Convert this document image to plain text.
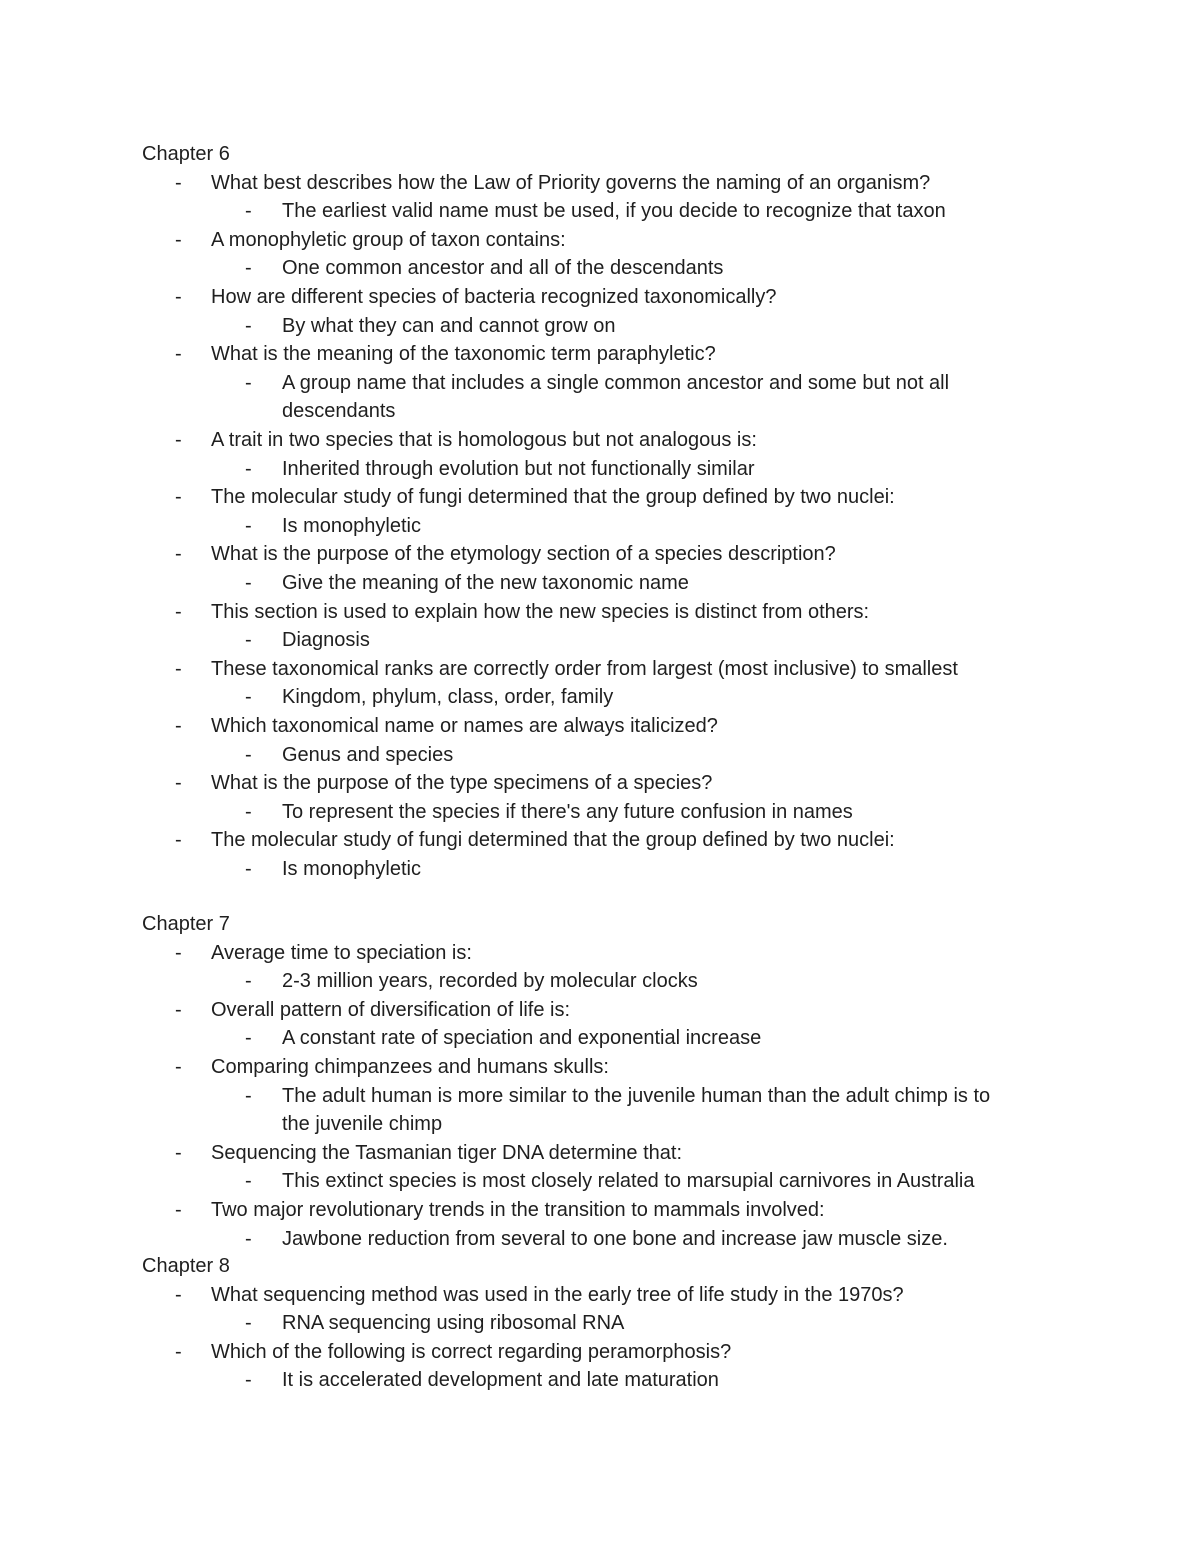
Chapter 6
- What best describes how the Law of Priority governs the naming of an organism?
- The earliest valid name must be used, if you decide to recognize that taxon
- A monophyletic group of taxon contains:
- One common ancestor and all of the descendants
- How are different species of bacteria recognized taxonomically?
- By what they can and cannot grow on
- What is the meaning of the taxonomic term paraphyletic?
- A group name that includes a single common ancestor and some but not all
descendants
- A trait in two species that is homologous but not analogous is:
- Inherited through evolution but not functionally similar
- The molecular study of fungi determined that the group defined by two nuclei:
- Is monophyletic
- What is the purpose of the etymology section of a species description?
- Give the meaning of the new taxonomic name
- This section is used to explain how the new species is distinct from others:
- Diagnosis
- These taxonomical ranks are correctly order from largest (most inclusive) to smallest
- Kingdom, phylum, class, order, family
- Which taxonomical name or names are always italicized?
- Genus and species
- What is the purpose of the type specimens of a species?
- To represent the species if there's any future confusion in names
- The molecular study of fungi determined that the group defined by two nuclei:
- Is monophyletic
Chapter 7
- Average time to speciation is:
- 2-3 million years, recorded by molecular clocks
- Overall pattern of diversification of life is:
- A constant rate of speciation and exponential increase
- Comparing chimpanzees and humans skulls:
- The adult human is more similar to the juvenile human than the adult chimp is to
the juvenile chimp
- Sequencing the Tasmanian tiger DNA determine that:
- This extinct species is most closely related to marsupial carnivores in Australia
- Two major revolutionary trends in the transition to mammals involved:
- Jawbone reduction from several to one bone and increase jaw muscle size.
Chapter 8
- What sequencing method was used in the early tree of life study in the 1970s?
- RNA sequencing using ribosomal RNA
- Which of the following is correct regarding peramorphosis?
- It is accelerated development and late maturation
